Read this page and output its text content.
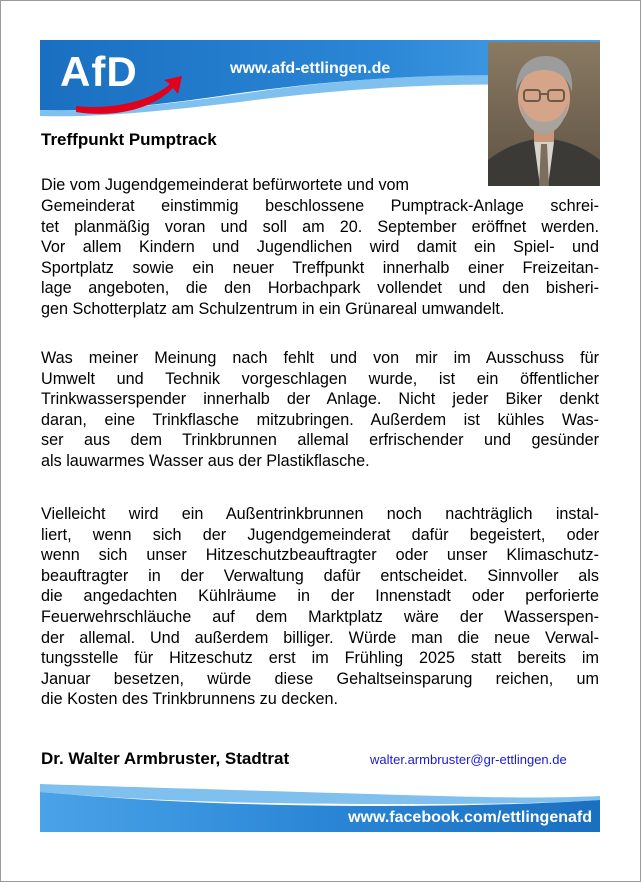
AfD	www.afd-ettlingen.de
Treffpunkt Pumptrack
Die vom Jugendgemeinderat befürwortete und vom
Gemeinderat einstimmig beschlossene Pumptrack-Anlage schrei-
tet planmäßig voran und soll am 20. September eröffnet werden.
Vor allem Kindern und Jugendlichen wird damit ein Spiel- und
Sportplatz sowie ein neuer Treffpunkt innerhalb einer Freizeitan-
lage angeboten, die den Horbachpark vollendet und den bisheri-
gen Schotterplatz am Schulzentrum in ein Grünareal umwandelt.
Was meiner Meinung nach fehlt und von mir im Ausschuss für
Umwelt und Technik vorgeschlagen wurde, ist ein öffentlicher
Trinkwasserspender innerhalb der Anlage. Nicht jeder Biker denkt
daran, eine Trinkflasche mitzubringen. Außerdem ist kühles Was-
ser aus dem Trinkbrunnen allemal erfrischender und gesünder
als lauwarmes Wasser aus der Plastikflasche.
Vielleicht wird ein Außentrinkbrunnen noch nachträglich instal-
liert, wenn sich der Jugendgemeinderat dafür begeistert, oder
wenn sich unser Hitzeschutzbeauftragter oder unser Klimaschutz-
beauftragter in der Verwaltung dafür entscheidet. Sinnvoller als
die angedachten Kühlräume in der Innenstadt oder perforierte
Feuerwehrschläuche auf dem Marktplatz wäre der Wasserspen-
der allemal. Und außerdem billiger. Würde man die neue Verwal-
tungsstelle für Hitzeschutz erst im Frühling 2025 statt bereits im
Januar besetzen, würde diese Gehaltseinsparung reichen, um
die Kosten des Trinkbrunnens zu decken.

Dr. Walter Armbruster, Stadtrat	walter.armbruster@gr-ettlingen.de
www.facebook.com/ettlingenafd
